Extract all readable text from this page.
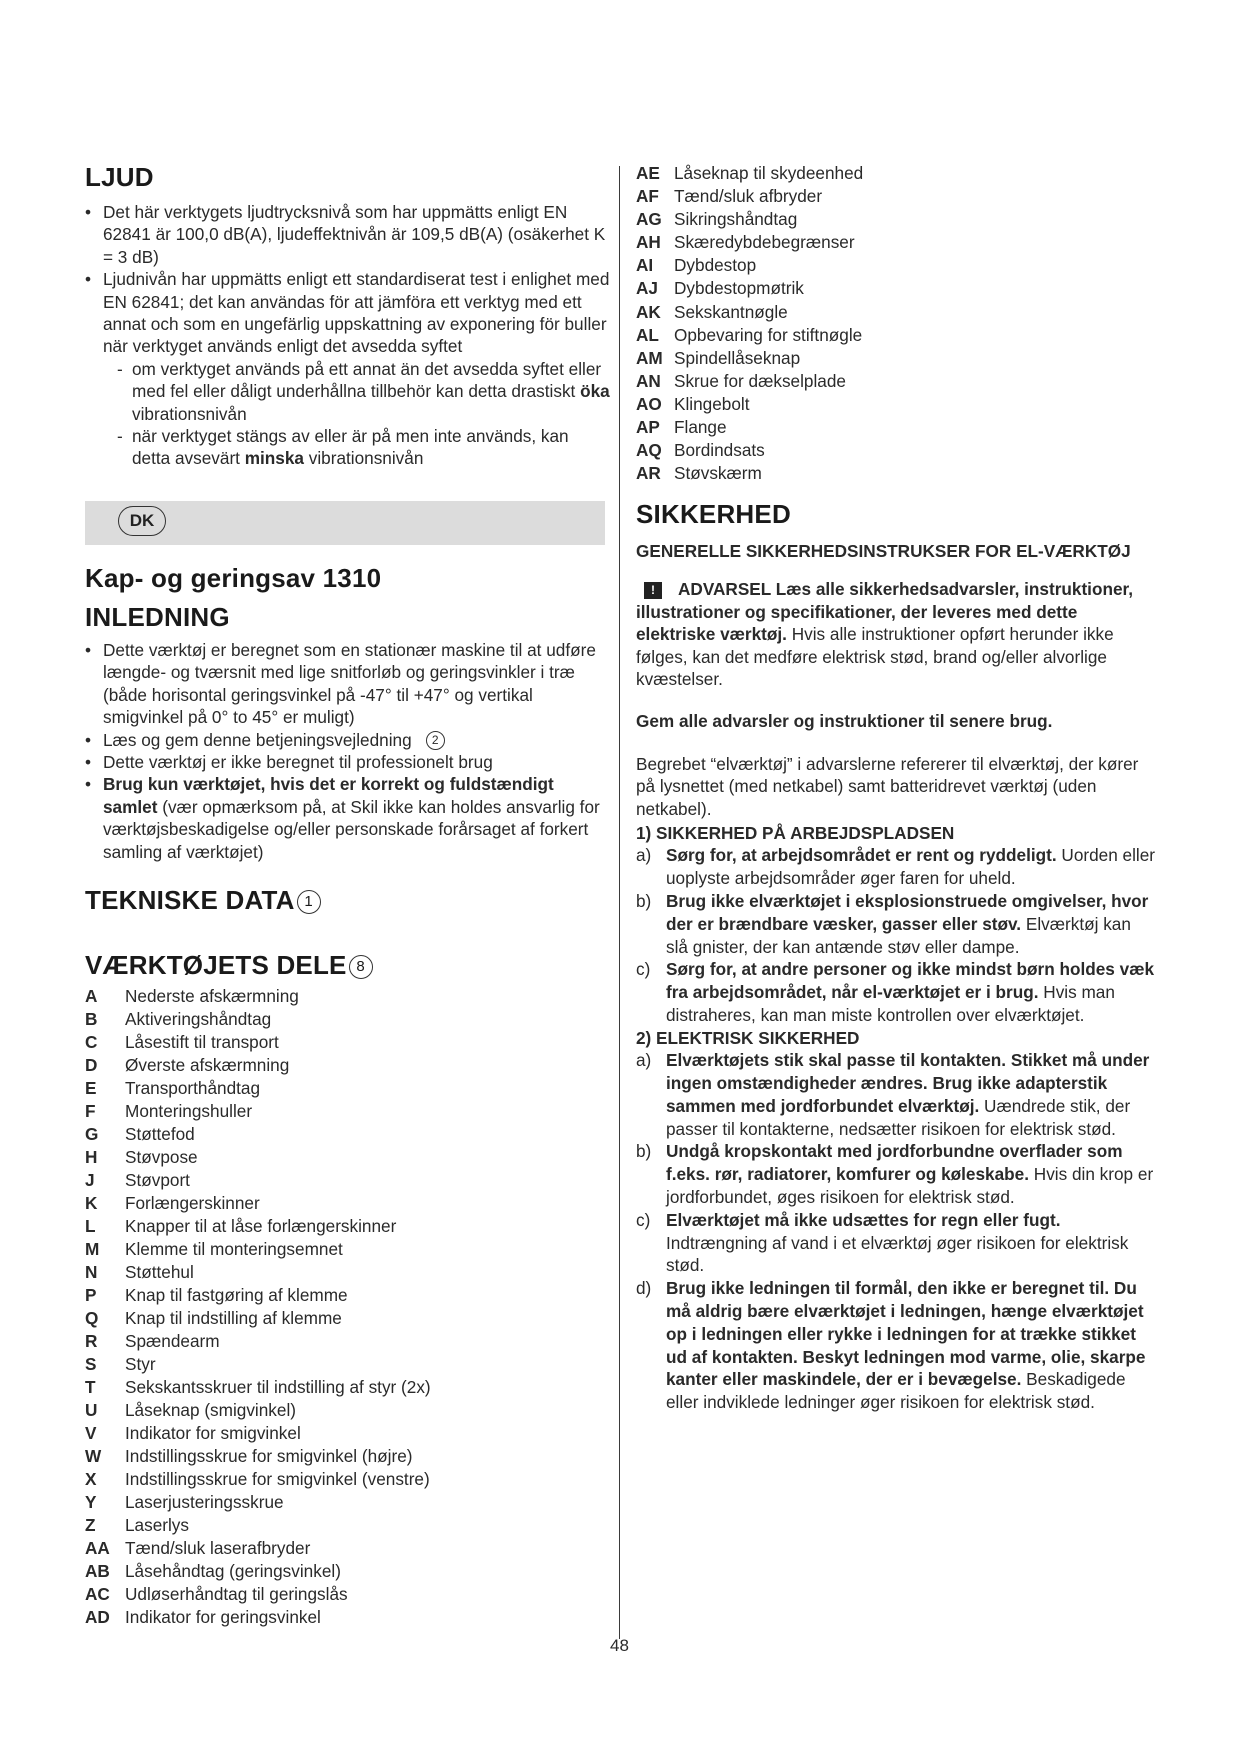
LJUD

• Det här verktygets ljudtrycksnivå som har uppmätts enligt EN 62841 är 100,0 dB(A), ljudeffektnivån är 109,5 dB(A) (osäkerhet K = 3 dB)

• Ljudnivån har uppmätts enligt ett standardiserat test i enlighet med EN 62841; det kan användas för att jämföra ett verktyg med ett annat och som en ungefärlig uppskattning av exponering för buller när verktyget används enligt det avsedda syftet

- om verktyget används på ett annat än det avsedda syftet eller med fel eller dåligt underhållna tillbehör kan detta drastiskt öka vibrationsnivån

- när verktyget stängs av eller är på men inte används, kan detta avsevärt minska vibrationsnivån

DK
Kap- og geringsav 1310
INLEDNING

• Dette værktøj er beregnet som en stationær maskine til at udføre længde- og tværsnit med lige snitforløb og geringsvinkler i træ (både horisontal geringsvinkel på -47° til +47° og vertikal smigvinkel på 0° to 45° er muligt)

• Læs og gem denne betjeningsvejledning 2

• Dette værktøj er ikke beregnet til professionelt brug

• Brug kun værktøjet, hvis det er korrekt og fuldstændigt samlet (vær opmærksom på, at Skil ikke kan holdes ansvarlig for værktøjsbeskadigelse og/eller personskade forårsaget af forkert samling af værktøjet)

TEKNISKE DATA 1
VÆRKTØJETS DELE 8
A	Nederste afskærmning
B	Aktiveringshåndtag
C	Låsestift til transport
D	Øverste afskærmning
E	Transporthåndtag
F	Monteringshuller
G	Støttefod
H	Støvpose
J	Støvport
K	Forlængerskinner
L	Knapper til at låse forlængerskinner
M	Klemme til monteringsemnet
N	Støttehul
P	Knap til fastgøring af klemme
Q	Knap til indstilling af klemme
R	Spændearm
S	Styr
T	Sekskantsskruer til indstilling af styr (2x)
U	Låseknap (smigvinkel)
V	Indikator for smigvinkel
W	Indstillingsskrue for smigvinkel (højre)
X	Indstillingsskrue for smigvinkel (venstre)
Y	Laserjusteringsskrue
Z	Laserlys
AA Tænd/sluk laserafbryder
AB Låsehåndtag (geringsvinkel)
AC Udløserhåndtag til geringslås
AD Indikator for geringsvinkel
AE Låseknap til skydeenhed
AF Tænd/sluk afbryder
AG Sikringshåndtag
AH Skæredybdebegrænser
AI	Dybdestop
AJ Dybdestopmøtrik
AK Sekskantnøgle
AL Opbevaring for stiftnøgle
AM Spindellåseknap
AN Skrue for dækselplade
AO Klingebolt
AP Flange
AQ Bordindsats
AR Støvskærm
SIKKERHED

GENERELLE SIKKERHEDSINSTRUKSER FOR EL-VÆRKTØJ

! ADVARSEL Læs alle sikkerhedsadvarsler, instruktioner, illustrationer og specifikationer, der leveres med dette elektriske værktøj. Hvis alle instruktioner opført herunder ikke følges, kan det medføre elektrisk stød, brand og/eller alvorlige kvæstelser.

Gem alle advarsler og instruktioner til senere brug.

Begrebet “elværktøj” i advarslerne refererer til elværktøj, der kører på lysnettet (med netkabel) samt batteridrevet værktøj (uden netkabel).

1) SIKKERHED PÅ ARBEJDSPLADSEN

a) Sørg for, at arbejdsområdet er rent og ryddeligt. Uorden eller uoplyste arbejdsområder øger faren for uheld.

b) Brug ikke elværktøjet i eksplosionstruede omgivelser, hvor der er brændbare væsker, gasser eller støv. Elværktøj kan slå gnister, der kan antænde støv eller dampe.

c) Sørg for, at andre personer og ikke mindst børn holdes væk fra arbejdsområdet, når el-værktøjet er i brug. Hvis man distraheres, kan man miste kontrollen over elværktøjet.

2) ELEKTRISK SIKKERHED

a) Elværktøjets stik skal passe til kontakten. Stikket må under ingen omstændigheder ændres. Brug ikke adapterstik sammen med jordforbundet elværktøj. Uændrede stik, der passer til kontakterne, nedsætter risikoen for elektrisk stød.

b) Undgå kropskontakt med jordforbundne overflader som f.eks. rør, radiatorer, komfurer og køleskabe. Hvis din krop er jordforbundet, øges risikoen for elektrisk stød.

c) Elværktøjet må ikke udsættes for regn eller fugt. Indtrængning af vand i et elværktøj øger risikoen for elektrisk stød.

d) Brug ikke ledningen til formål, den ikke er beregnet til. Du må aldrig bære elværktøjet i ledningen, hænge elværktøjet op i ledningen eller rykke i ledningen for at trække stikket ud af kontakten. Beskyt ledningen mod varme, olie, skarpe kanter eller maskindele, der er i bevægelse. Beskadigede eller indviklede ledninger øger risikoen for elektrisk stød.

48
